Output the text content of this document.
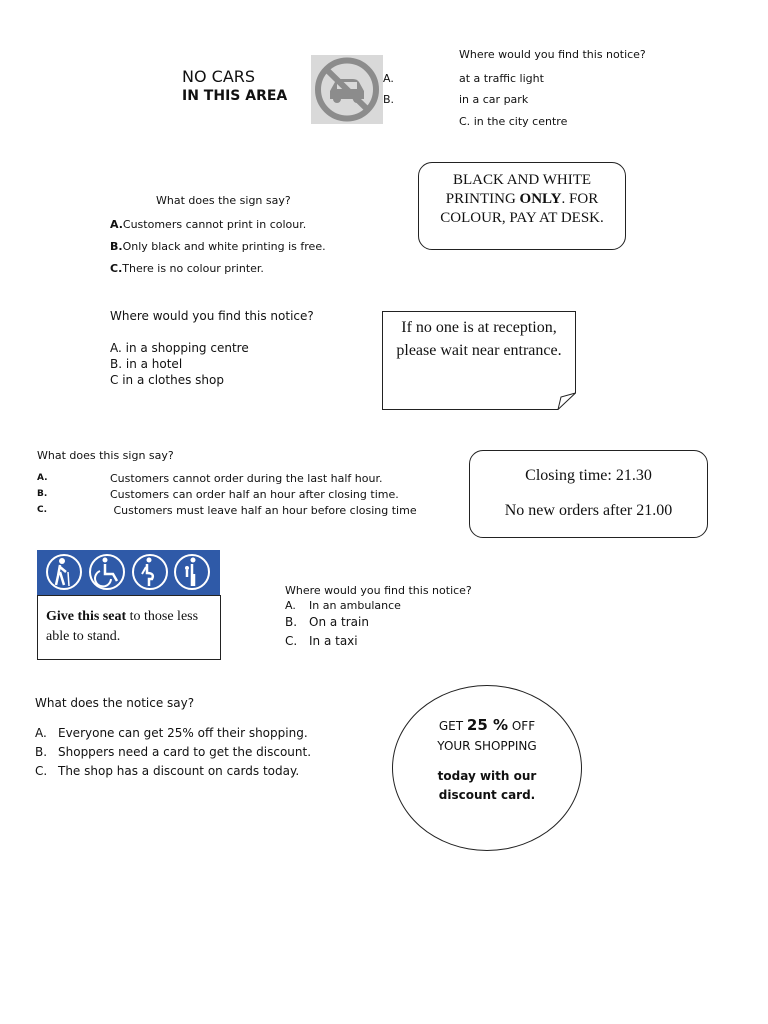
NO CARS
IN THIS AREA
Where would you find this notice?
A.	at a traffic light
B.	in a car park
C. in the city centre
What does the sign say?
A.Customers cannot print in colour.
B.Only black and white printing is free.
C.There is no colour printer.
BLACK AND WHITE PRINTING ONLY. FOR COLOUR, PAY AT DESK.
Where would you find this notice?
A. in a shopping centre
B. in a hotel
C in a clothes shop
If no one is at reception, please wait near entrance.
What does this sign say?
A.	Customers cannot order during the last half hour.
B.	Customers can order half an hour after closing time.
C.	Customers must leave half an hour before closing time
Closing time: 21.30
No new orders after 21.00
Give this seat to those less able to stand.
Where would you find this notice?
A. In an ambulance
B. On a train
C. In a taxi
What does the notice say?
A. Everyone can get 25% off their shopping.
B. Shoppers need a card to get the discount.
C. The shop has a discount on cards today.
GET 25 % OFF
YOUR SHOPPING
today with our
discount card.
